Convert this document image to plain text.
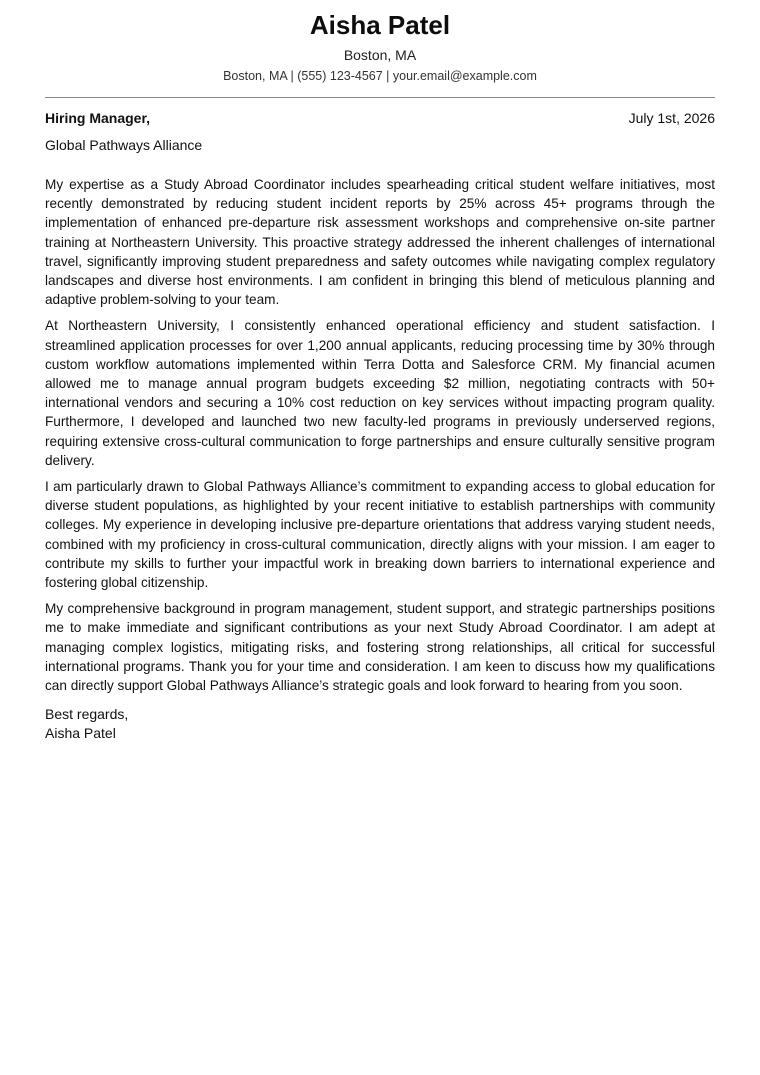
Aisha Patel
Boston, MA
Boston, MA | (555) 123-4567 | your.email@example.com
Hiring Manager,	July 1st, 2026
Global Pathways Alliance

My expertise as a Study Abroad Coordinator includes spearheading critical student welfare initiatives, most recently demonstrated by reducing student incident reports by 25% across 45+ programs through the implementation of enhanced pre-departure risk assessment workshops and comprehensive on-site partner training at Northeastern University. This proactive strategy addressed the inherent challenges of international travel, significantly improving student preparedness and safety outcomes while navigating complex regulatory landscapes and diverse host environments. I am confident in bringing this blend of meticulous planning and adaptive problem-solving to your team.

At Northeastern University, I consistently enhanced operational efficiency and student satisfaction. I streamlined application processes for over 1,200 annual applicants, reducing processing time by 30% through custom workflow automations implemented within Terra Dotta and Salesforce CRM. My financial acumen allowed me to manage annual program budgets exceeding $2 million, negotiating contracts with 50+ international vendors and securing a 10% cost reduction on key services without impacting program quality. Furthermore, I developed and launched two new faculty-led programs in previously underserved regions, requiring extensive cross-cultural communication to forge partnerships and ensure culturally sensitive program delivery.

I am particularly drawn to Global Pathways Alliance’s commitment to expanding access to global education for diverse student populations, as highlighted by your recent initiative to establish partnerships with community colleges. My experience in developing inclusive pre-departure orientations that address varying student needs, combined with my proficiency in cross-cultural communication, directly aligns with your mission. I am eager to contribute my skills to further your impactful work in breaking down barriers to international experience and fostering global citizenship.

My comprehensive background in program management, student support, and strategic partnerships positions me to make immediate and significant contributions as your next Study Abroad Coordinator. I am adept at managing complex logistics, mitigating risks, and fostering strong relationships, all critical for successful international programs. Thank you for your time and consideration. I am keen to discuss how my qualifications can directly support Global Pathways Alliance’s strategic goals and look forward to hearing from you soon.

Best regards,
Aisha Patel
